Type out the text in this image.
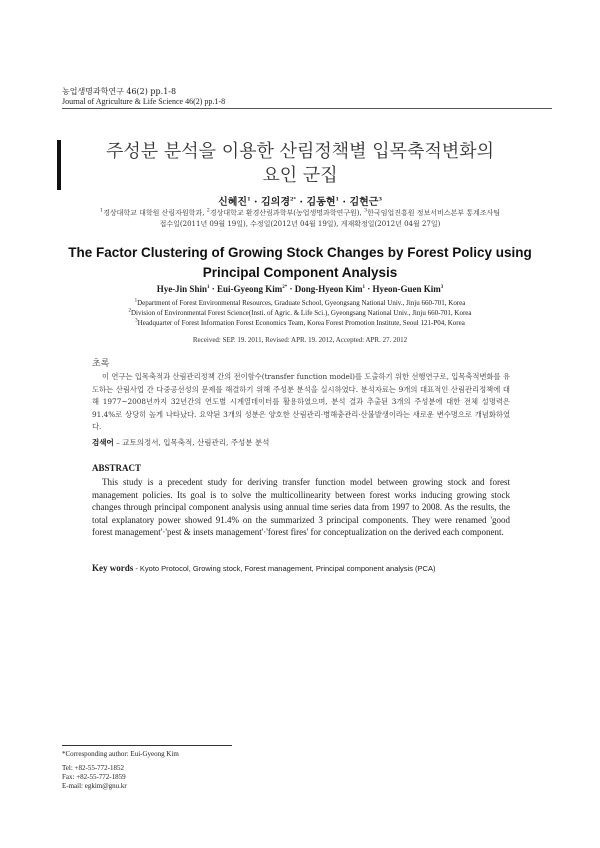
농업생명과학연구 46(2) pp.1-8
Journal of Agriculture & Life Science 46(2) pp.1-8
주성분 분석을 이용한 산림정책별 입목축적변화의
요인 군집
신혜진$^1$ · 김의경$^{2*}$ · 김동현$^1$ · 김현근$^3$
$^1$경상대학교 대학원 산림자원학과, $^2$경상대학교 환경산림과학부(농업생명과학연구원), $^3$한국임업진흥원 정보서비스본부 통계조사팀
접수일(2011년 09월 19일), 수정일(2012년 04월 19일), 게재확정일(2012년 04월 27일)
The Factor Clustering of Growing Stock Changes by Forest Policy using
Principal Component Analysis
Hye-Jin Shin$^1$ · Eui-Gyeong Kim$^{2*}$ · Dong-Hyeon Kim$^1$ · Hyeon-Guen Kim$^3$
$^1$Department of Forest Environmental Resources, Graduate School, Gyeongsang National Univ., Jinju 660-701, Korea
$^2$Division of Environmental Forest Science(Insti. of Agric. & Life Sci.), Gyeongsang National Univ., Jinju 660-701, Korea
$^3$Headquarter of Forest Information Forest Economics Team, Korea Forest Promotion Institute, Seoul 121-P04, Korea
Received: SEP. 19. 2011, Revised: APR. 19. 2012, Accepted: APR. 27. 2012
초록
이 연구는 입목축적과 산림관리정책 간의 전이함수(transfer function model)를 도출하기 위한 선행연구로, 입목축적변화를 유도하는 산림사업 간 다중공선성의 문제를 해결하기 위해 주성분 분석을 실시하였다. 분석자료는 9개의 대표적인 산림관리정책에 대해 1977~2008년까지 32년간의 연도별 시계열데이터를 활용하였으며, 분석 결과 추출된 3개의 주성분에 대한 전체 설명력은 91.4%로 상당히 높게 나타났다. 요약된 3개의 성분은 양호한 산림관리·병해충관리·산불발생이라는 새로운 변수명으로 개념화하였다.
검색어 – 교토의정서, 입목축적, 산림관리, 주성분 분석
ABSTRACT
This study is a precedent study for deriving transfer function model between growing stock and forest management policies. Its goal is to solve the multicollinearity between forest works inducing growing stock changes through principal component analysis using annual time series data from 1997 to 2008. As the results, the total explanatory power showed 91.4% on the summarized 3 principal components. They were renamed 'good forest management'·'pest & insets management'·'forest fires' for conceptualization on the derived each component.
Key words - Kyoto Protocol, Growing stock, Forest management, Principal component analysis (PCA)
*Corresponding author: Eui-Gyeong Kim
Tel: +82-55-772-1852
Fax: +82-55-772-1859
E-mail: egkim@gnu.kr
